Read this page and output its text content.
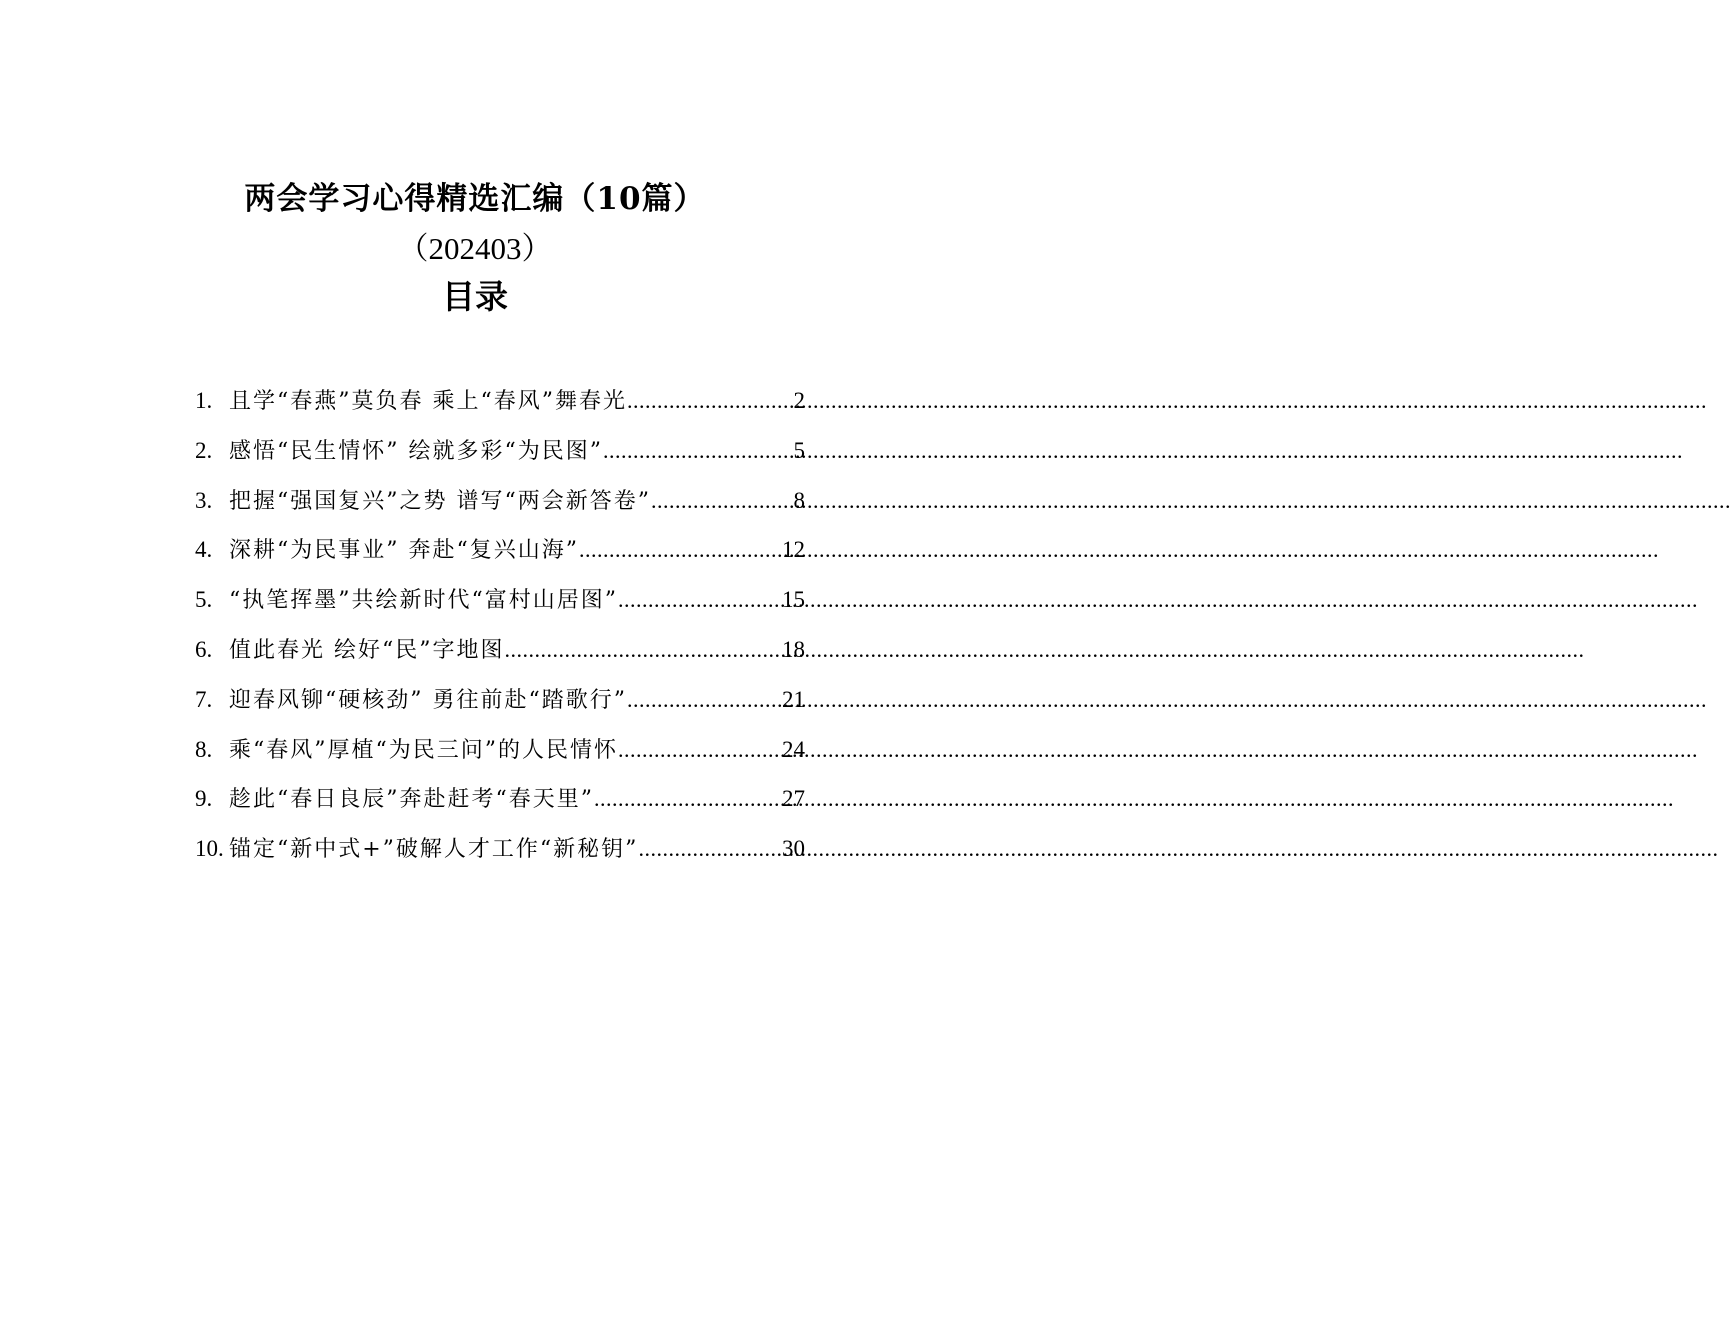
两会学习心得精选汇编（10篇）
（202403）
目录
1. 且学“春燕”莫负春 乘上“春风”舞春光 .....	2
2. 感悟“民生情怀” 绘就多彩“为民图” .....	5
3. 把握“强国复兴”之势 谱写“两会新答卷” .....	8
4. 深耕“为民事业” 奔赴“复兴山海” .....	12
5. “执笔挥墨”共绘新时代“富村山居图” .....	15
6. 值此春光 绘好“民”字地图 .....	18
7. 迎春风铆“硬核劲” 勇往前赴“踏歌行” .....	21
8. 乘“春风”厚植“为民三问”的人民情怀 .....	24
9. 趁此“春日良辰”奔赴赶考“春天里” .....	27
10. 锚定“新中式+”破解人才工作“新秘钥” .....	30
